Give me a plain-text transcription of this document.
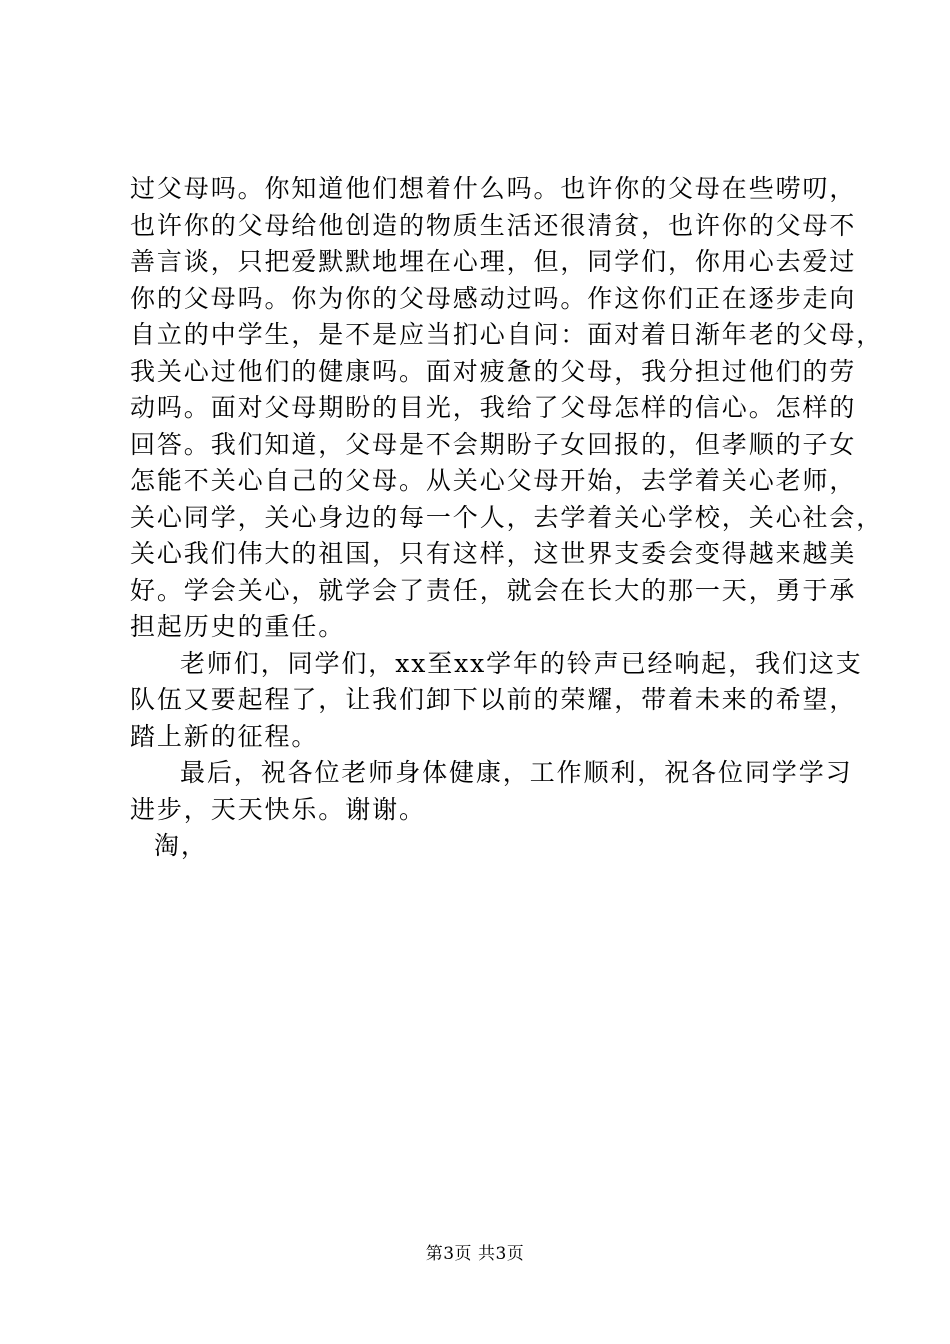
过父母吗。你知道他们想着什么吗。也许你的父母在些唠叨，
也许你的父母给他创造的物质生活还很清贫，也许你的父母不
善言谈，只把爱默默地埋在心理，但，同学们，你用心去爱过
你的父母吗。你为你的父母感动过吗。作这你们正在逐步走向
自立的中学生，是不是应当扪心自问：面对着日渐年老的父母，
我关心过他们的健康吗。面对疲惫的父母，我分担过他们的劳
动吗。面对父母期盼的目光，我给了父母怎样的信心。怎样的
回答。我们知道，父母是不会期盼子女回报的，但孝顺的子女
怎能不关心自己的父母。从关心父母开始，去学着关心老师，
关心同学，关心身边的每一个人，去学着关心学校，关心社会，
关心我们伟大的祖国，只有这样，这世界支委会变得越来越美
好。学会关心，就学会了责任，就会在长大的那一天，勇于承
担起历史的重任。
老师们，同学们，xx至xx学年的铃声已经响起，我们这支
队伍又要起程了，让我们卸下以前的荣耀，带着未来的希望，
踏上新的征程。
最后，祝各位老师身体健康，工作顺利，祝各位同学学习
进步，天天快乐。谢谢。
淘，
第3页 共3页
